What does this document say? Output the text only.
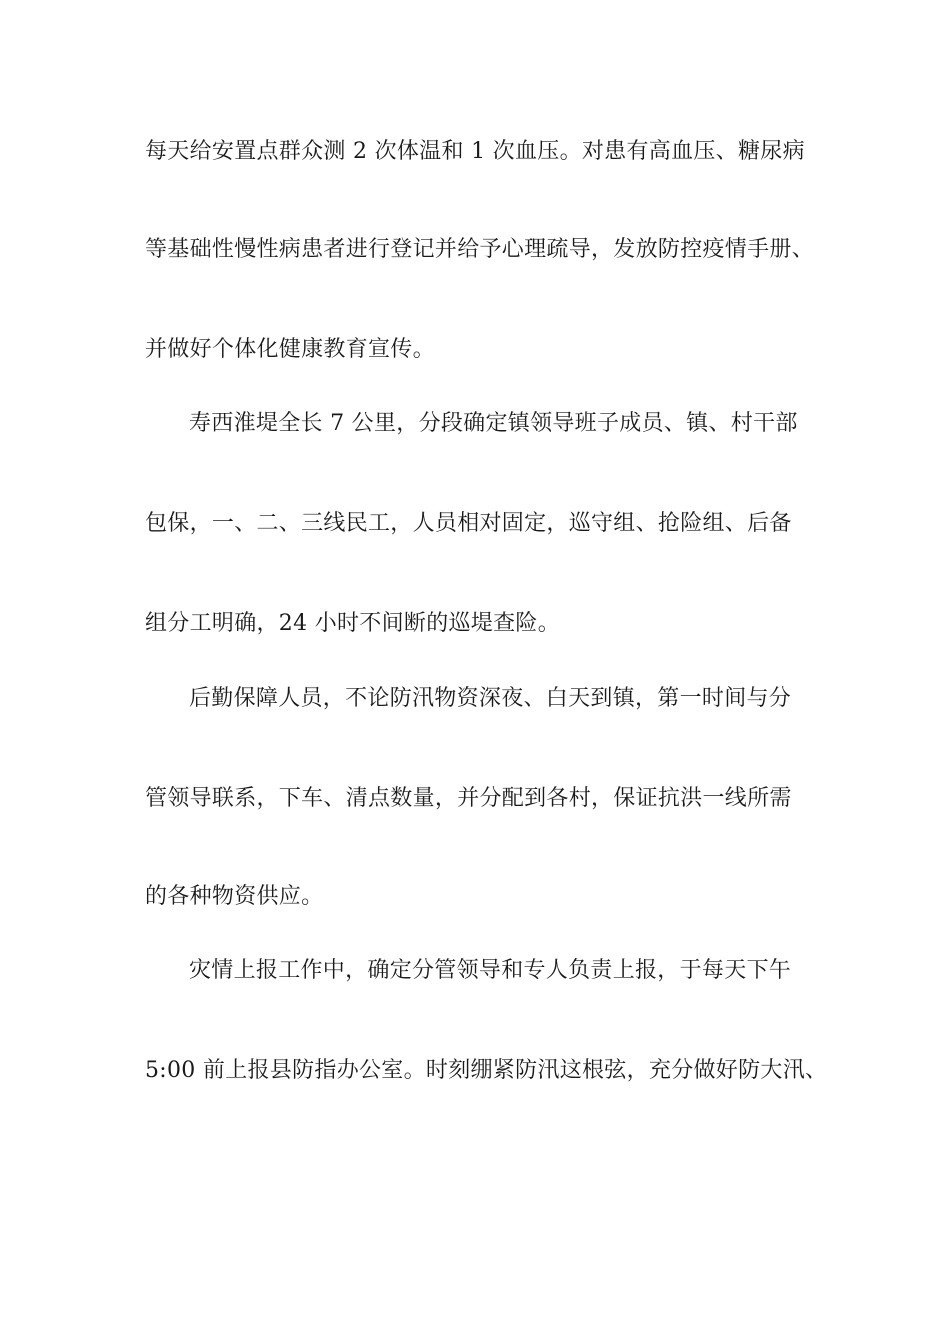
每天给安置点群众测 2 次体温和 1 次血压。对患有高血压、糖尿病

等基础性慢性病患者进行登记并给予心理疏导，发放防控疫情手册、

并做好个体化健康教育宣传。

寿西淮堤全长 7 公里，分段确定镇领导班子成员、镇、村干部

包保，一、二、三线民工，人员相对固定，巡守组、抢险组、后备

组分工明确，24 小时不间断的巡堤查险。

后勤保障人员，不论防汛物资深夜、白天到镇，第一时间与分

管领导联系，下车、清点数量，并分配到各村，保证抗洪一线所需

的各种物资供应。

灾情上报工作中，确定分管领导和专人负责上报，于每天下午

5:00 前上报县防指办公室。时刻绷紧防汛这根弦，充分做好防大汛、
